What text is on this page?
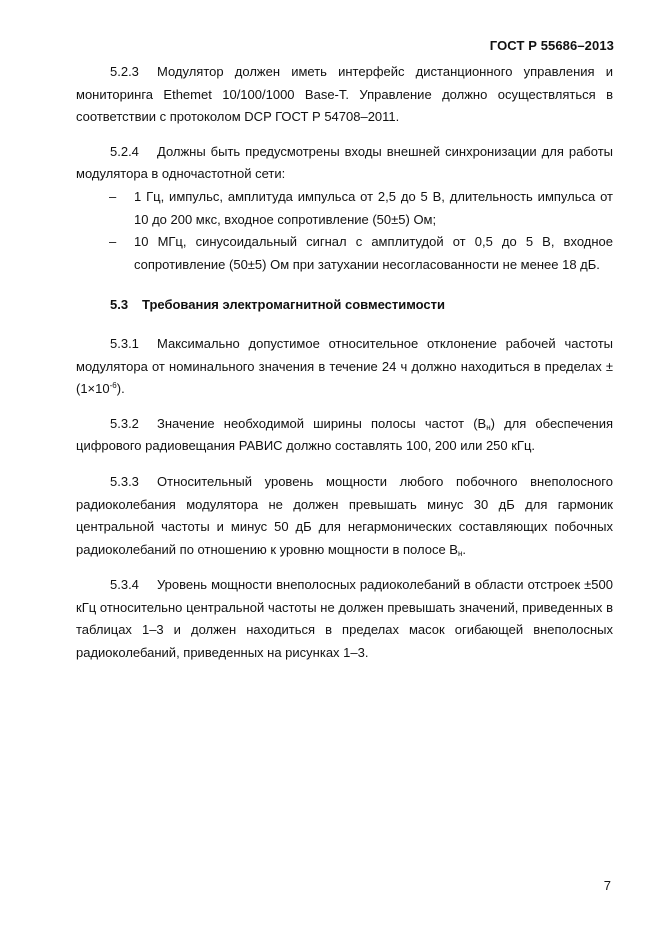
ГОСТ Р 55686–2013

5.2.3 Модулятор должен иметь интерфейс дистанционного управления и мониторинга Ethemet 10/100/1000 Base-T. Управление должно осуществляться в соответствии с протоколом DCP ГОСТ Р 54708–2011.

5.2.4 Должны быть предусмотрены входы внешней синхронизации для работы модулятора в одночастотной сети:

– 1 Гц, импульс, амплитуда импульса от 2,5 до 5 В, длительность импульса от 10 до 200 мкс, входное сопротивление (50±5) Ом;
– 10 МГц, синусоидальный сигнал с амплитудой от 0,5 до 5 В, входное сопротивление (50±5) Ом при затухании несогласованности не менее 18 дБ.

5.3 Требования электромагнитной совместимости

5.3.1 Максимально допустимое относительное отклонение рабочей частоты модулятора от номинального значения в течение 24 ч должно находиться в пределах $\pm(1\times 10^{-6})$.

5.3.2 Значение необходимой ширины полосы частот $(B_н)$ для обеспечения цифрового радиовещания РАВИС должно составлять 100, 200 или 250 кГц.

5.3.3 Относительный уровень мощности любого побочного внеполосного радиоколебания модулятора не должен превышать минус 30 дБ для гармоник центральной частоты и минус 50 дБ для негармонических составляющих побочных радиоколебаний по отношению к уровню мощности в полосе $B_н$.

5.3.4 Уровень мощности внеполосных радиоколебаний в области отстроек ±500 кГц относительно центральной частоты не должен превышать значений, приведенных в таблицах 1–3 и должен находиться в пределах масок огибающей внеполосных радиоколебаний, приведенных на рисунках 1–3.

7
